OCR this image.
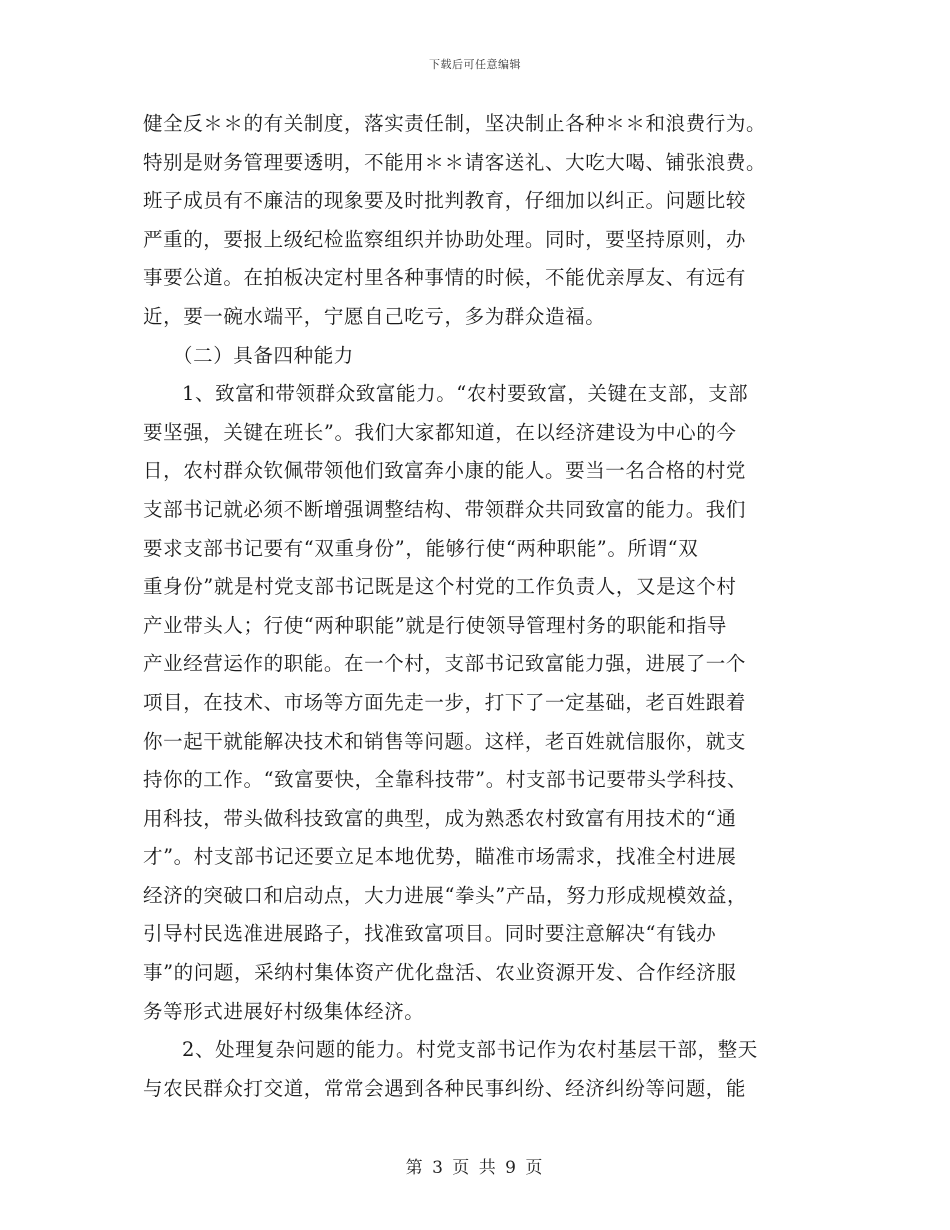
下载后可任意编辑
健全反＊＊的有关制度，落实责任制，坚决制止各种＊＊和浪费行为。
特别是财务管理要透明，不能用＊＊请客送礼、大吃大喝、铺张浪费。
班子成员有不廉洁的现象要及时批判教育，仔细加以纠正。问题比较
严重的，要报上级纪检监察组织并协助处理。同时，要坚持原则，办
事要公道。在拍板决定村里各种事情的时候，不能优亲厚友、有远有
近，要一碗水端平，宁愿自己吃亏，多为群众造福。
（二）具备四种能力
1、致富和带领群众致富能力。“农村要致富，关键在支部，支部
要坚强，关键在班长”。我们大家都知道，在以经济建设为中心的今
日，农村群众钦佩带领他们致富奔小康的能人。要当一名合格的村党
支部书记就必须不断增强调整结构、带领群众共同致富的能力。我们
要求支部书记要有“双重身份”，能够行使“两种职能”。所谓“双
重身份”就是村党支部书记既是这个村党的工作负责人，又是这个村
产业带头人；行使“两种职能”就是行使领导管理村务的职能和指导
产业经营运作的职能。在一个村，支部书记致富能力强，进展了一个
项目，在技术、市场等方面先走一步，打下了一定基础，老百姓跟着
你一起干就能解决技术和销售等问题。这样，老百姓就信服你，就支
持你的工作。“致富要快，全靠科技带”。村支部书记要带头学科技、
用科技，带头做科技致富的典型，成为熟悉农村致富有用技术的“通
才”。村支部书记还要立足本地优势，瞄准市场需求，找准全村进展
经济的突破口和启动点，大力进展“拳头”产品，努力形成规模效益，
引导村民选准进展路子，找准致富项目。同时要注意解决“有钱办
事”的问题，采纳村集体资产优化盘活、农业资源开发、合作经济服
务等形式进展好村级集体经济。
2、处理复杂问题的能力。村党支部书记作为农村基层干部，整天
与农民群众打交道，常常会遇到各种民事纠纷、经济纠纷等问题，能
第 3 页 共 9 页
